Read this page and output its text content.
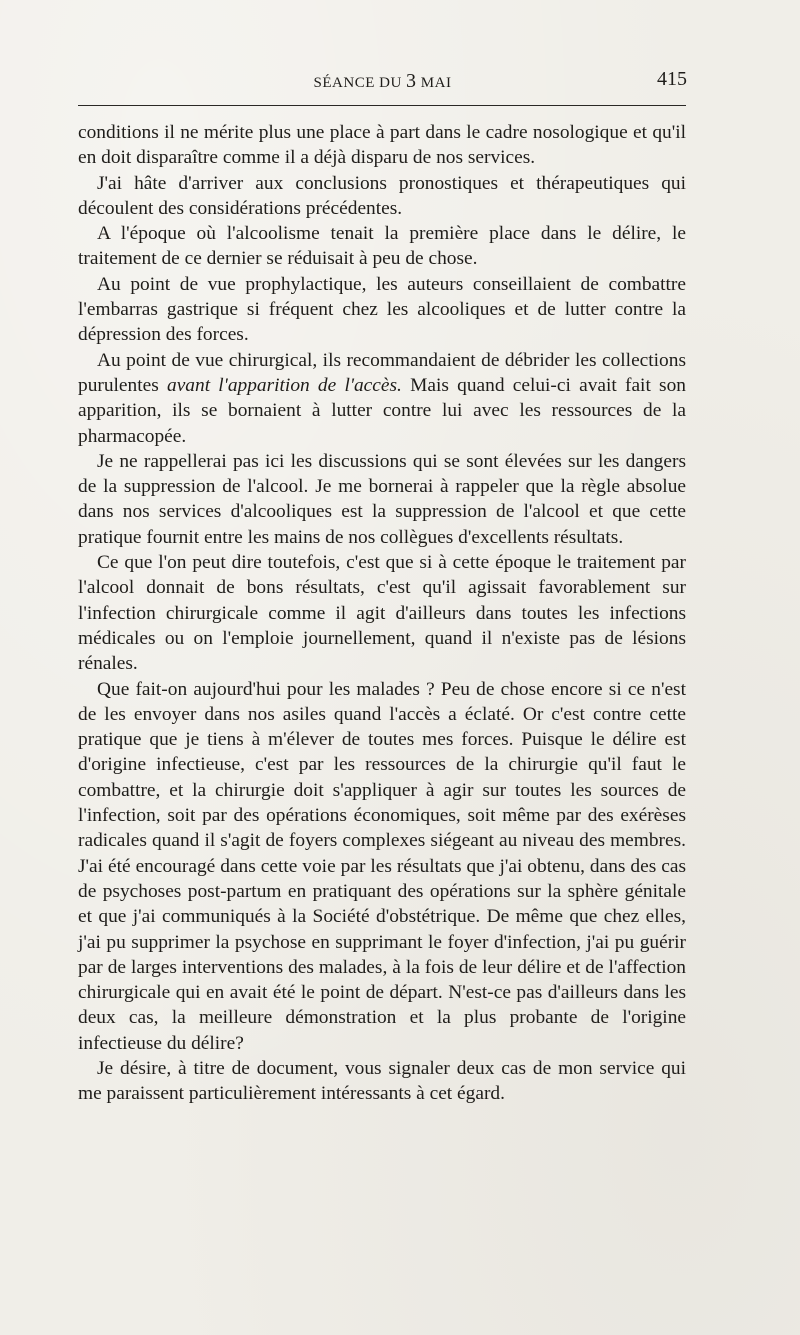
SÉANCE DU 3 MAI	415

conditions il ne mérite plus une place à part dans le cadre nosologique et qu'il en doit disparaître comme il a déjà disparu de nos services.

J'ai hâte d'arriver aux conclusions pronostiques et thérapeutiques qui découlent des considérations précédentes.

A l'époque où l'alcoolisme tenait la première place dans le délire, le traitement de ce dernier se réduisait à peu de chose.

Au point de vue prophylactique, les auteurs conseillaient de combattre l'embarras gastrique si fréquent chez les alcooliques et de lutter contre la dépression des forces.

Au point de vue chirurgical, ils recommandaient de débrider les collections purulentes avant l'apparition de l'accès. Mais quand celui-ci avait fait son apparition, ils se bornaient à lutter contre lui avec les ressources de la pharmacopée.

Je ne rappellerai pas ici les discussions qui se sont élevées sur les dangers de la suppression de l'alcool. Je me bornerai à rappeler que la règle absolue dans nos services d'alcooliques est la suppression de l'alcool et que cette pratique fournit entre les mains de nos collègues d'excellents résultats.

Ce que l'on peut dire toutefois, c'est que si à cette époque le traitement par l'alcool donnait de bons résultats, c'est qu'il agissait favorablement sur l'infection chirurgicale comme il agit d'ailleurs dans toutes les infections médicales ou on l'emploie journellement, quand il n'existe pas de lésions rénales.

Que fait-on aujourd'hui pour les malades ? Peu de chose encore si ce n'est de les envoyer dans nos asiles quand l'accès a éclaté. Or c'est contre cette pratique que je tiens à m'élever de toutes mes forces. Puisque le délire est d'origine infectieuse, c'est par les ressources de la chirurgie qu'il faut le combattre, et la chirurgie doit s'appliquer à agir sur toutes les sources de l'infection, soit par des opérations économiques, soit même par des exérèses radicales quand il s'agit de foyers complexes siégeant au niveau des membres. J'ai été encouragé dans cette voie par les résultats que j'ai obtenu, dans des cas de psychoses post-partum en pratiquant des opérations sur la sphère génitale et que j'ai communiqués à la Société d'obstétrique. De même que chez elles, j'ai pu supprimer la psychose en supprimant le foyer d'infection, j'ai pu guérir par de larges interventions des malades, à la fois de leur délire et de l'affection chirurgicale qui en avait été le point de départ. N'est-ce pas d'ailleurs dans les deux cas, la meilleure démonstration et la plus probante de l'origine infectieuse du délire?

Je désire, à titre de document, vous signaler deux cas de mon service qui me paraissent particulièrement intéressants à cet égard.
